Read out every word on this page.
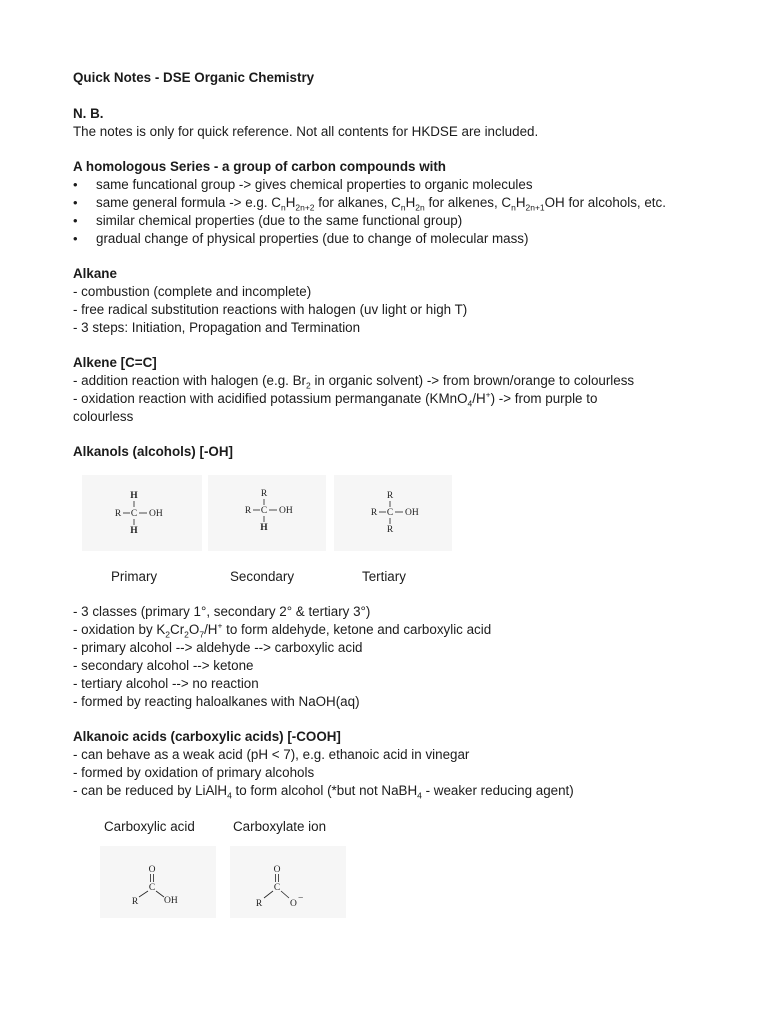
Quick Notes - DSE Organic Chemistry
N. B.
The notes is only for quick reference. Not all contents for HKDSE are included.
A homologous Series - a group of carbon compounds with
• same funcational group -> gives chemical properties to organic molecules
• same general formula -> e.g. $C_nH_{2n+2}$ for alkanes, $C_nH_{2n}$ for alkenes, $C_nH_{2n+1}OH$ for alcohols, etc.
• similar chemical properties (due to the same functional group)
• gradual change of physical properties (due to change of molecular mass)
Alkane
- combustion (complete and incomplete)
- free radical substitution reactions with halogen (uv light or high T)
- 3 steps: Initiation, Propagation and Termination
Alkene [C=C]
- addition reaction with halogen (e.g. $Br_2$ in organic solvent) -> from brown/orange to colourless
- oxidation reaction with acidified potassium permanganate (KMnO$_4$/H+) -> from purple to
colourless
Alkanols (alcohols) [-OH]
H
R C OH
H
R
R C OH
H
R
R C OH
R
Primary	Secondary	Tertiary
- 3 classes (primary 1°, secondary 2° & tertiary 3°)
- oxidation by $K_2Cr_2O_7/H^+$ to form aldehyde, ketone and carboxylic acid
- primary alcohol --> aldehyde --> carboxylic acid
- secondary alcohol --> ketone
- tertiary alcohol --> no reaction
- formed by reacting haloalkanes with NaOH(aq)
Alkanoic acids (carboxylic acids) [-COOH]
- can behave as a weak acid (pH < 7), e.g. ethanoic acid in vinegar
- formed by oxidation of primary alcohols
- can be reduced by LiAlH$_4$ to form alcohol (*but not NaBH$_4$ - weaker reducing agent)
Carboxylic acid	Carboxylate ion
O
C
R	OH
O
C
R	O −
